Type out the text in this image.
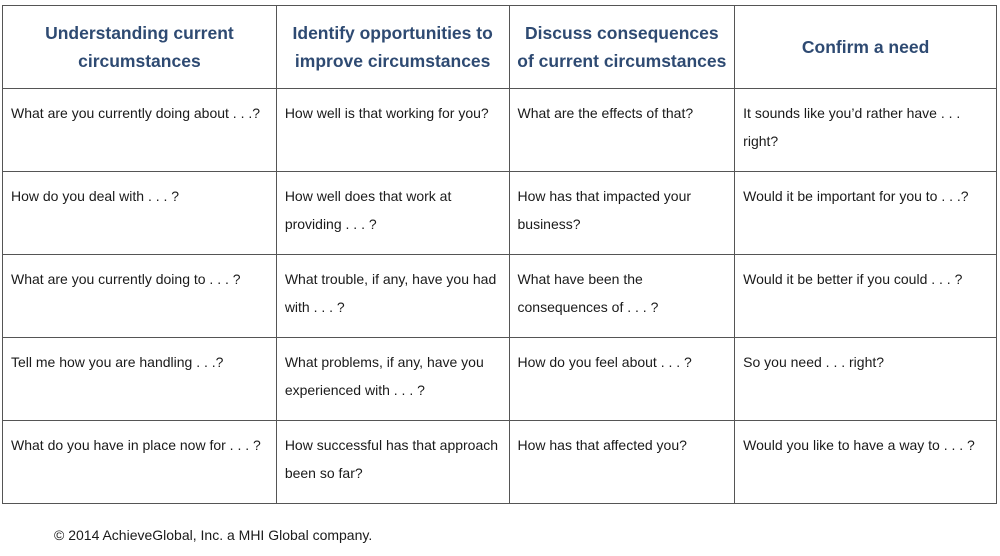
Understanding current circumstances	Identify opportunities to improve circumstances	Discuss consequences of current circumstances	Confirm a need
What are you currently doing about . . .?	How well is that working for you?	What are the effects of that?	It sounds like you’d rather have . . . right?
How do you deal with . . . ?	How well does that work at providing . . . ?	How has that impacted your business?	Would it be important for you to . . .?
What are you currently doing to . . . ?	What trouble, if any, have you had with . . . ?	What have been the consequences of . . . ?	Would it be better if you could . . . ?
Tell me how you are handling . . .?	What problems, if any, have you experienced with . . . ?	How do you feel about . . . ?	So you need . . . right?
What do you have in place now for . . . ?	How successful has that approach been so far?	How has that affected you?	Would you like to have a way to . . . ?
© 2014 AchieveGlobal, Inc. a MHI Global company.
